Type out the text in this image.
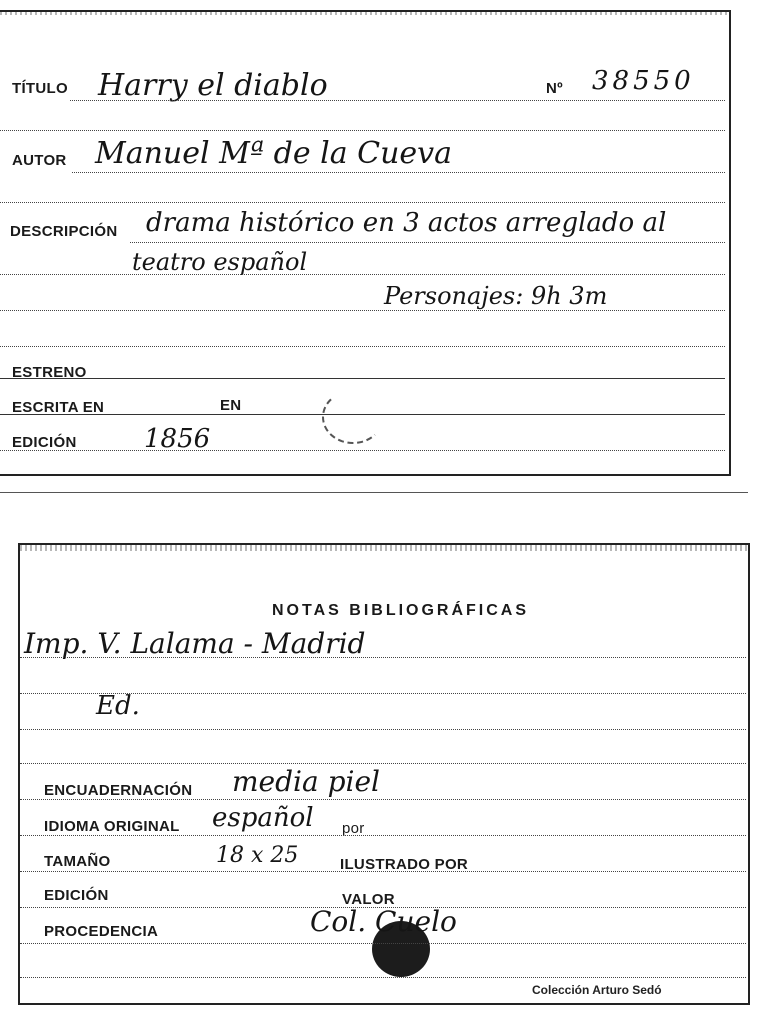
TÍTULO Harry el diablo	Nº 38550
AUTOR Manuel Mª de la Cueva
DESCRIPCIÓN drama histórico en 3 actos arreglado al
teatro español
Personajes: 9h 3m
ESTRENO
ESCRITA EN	EN
EDICIÓN	1856
NOTAS BIBLIOGRÁFICAS
Imp. V. Lalama - Madrid
Ed.
ENCUADERNACIÓN media piel
IDIOMA ORIGINAL español por
TAMAÑO	18 x 25	ILUSTRADO POR
EDICIÓN	VALOR
PROCEDENCIA	Col. Cuelo
Colección Arturo Sedó
